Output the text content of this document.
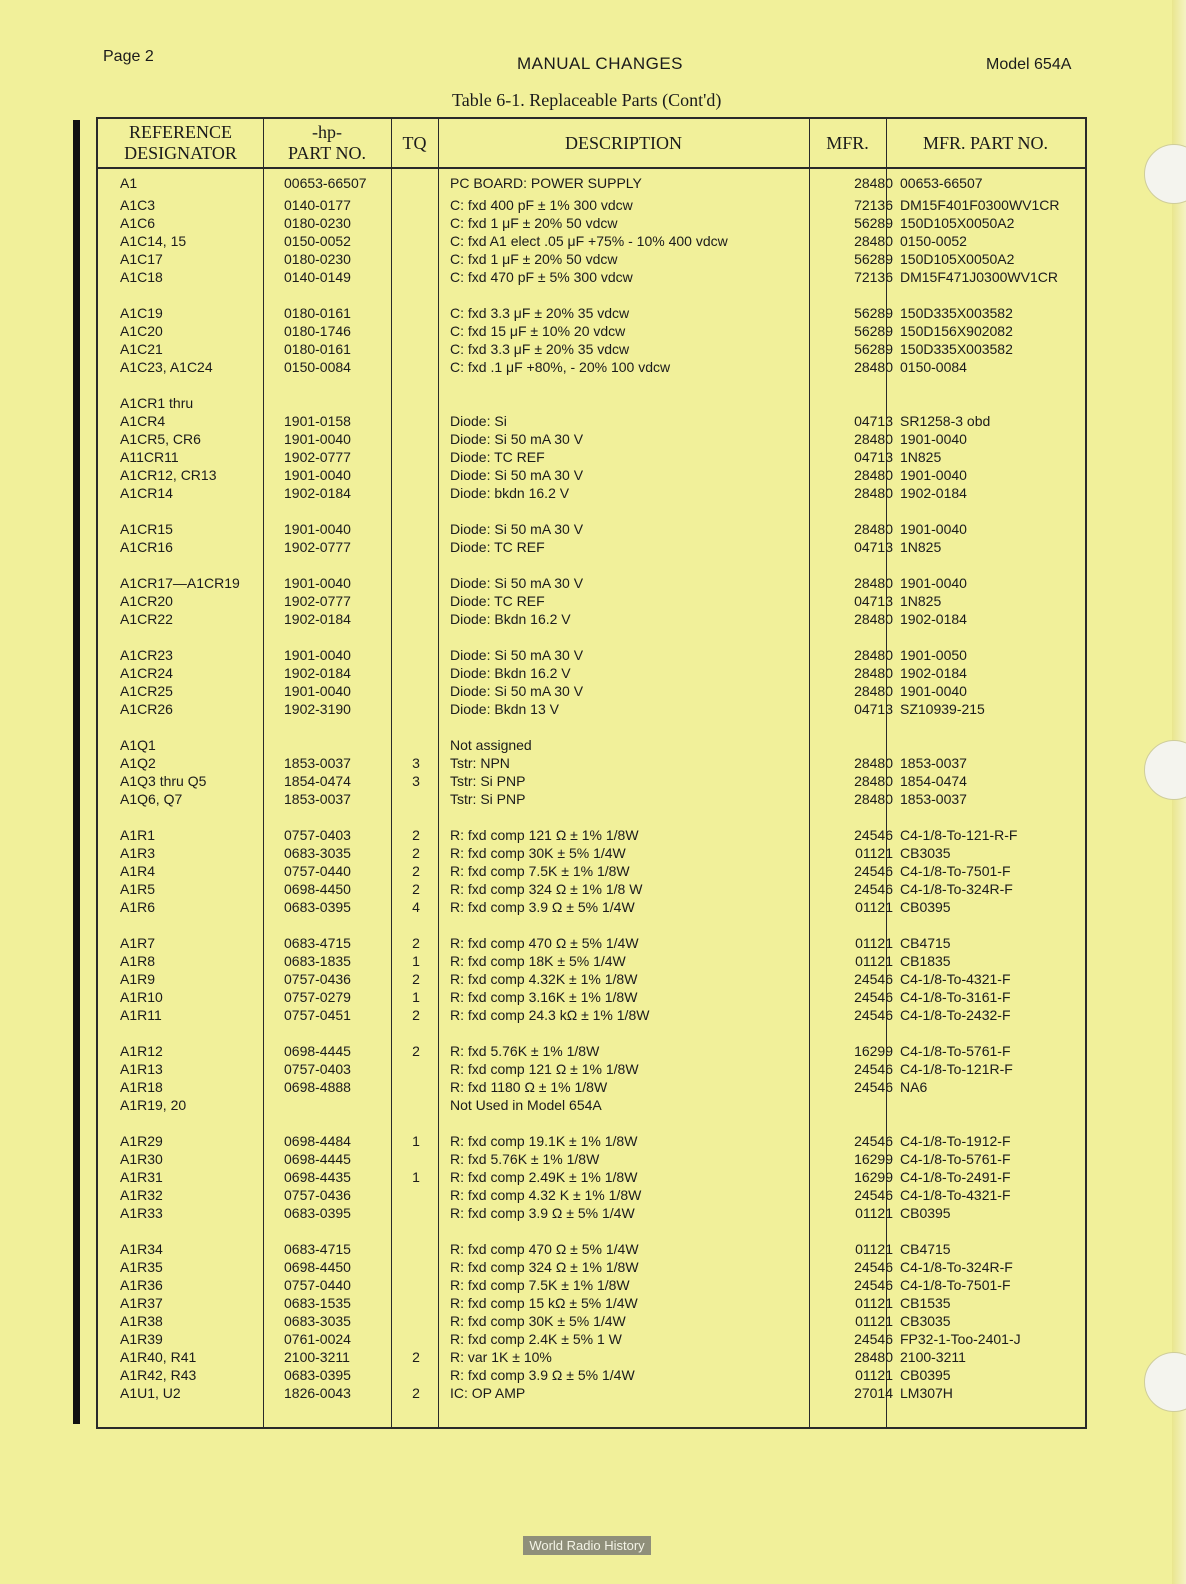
Page 2	MANUAL CHANGES	Model 654A
Table 6-1. Replaceable Parts (Cont'd)
REFERENCE
DESIGNATOR
-hp-
PART NO.
TQ	DESCRIPTION	MFR.	MFR. PART NO.
A1	00653-66507	PC BOARD: POWER SUPPLY	28480 00653-66507
A1C3	0140-0177	C: fxd 400 pF ± 1% 300 vdcw	72136 DM15F401F0300WV1CR
A1C6	0180-0230	C: fxd 1 μF ± 20% 50 vdcw	56289 150D105X0050A2
A1C14, 15	0150-0052	C: fxd A1 elect .05 μF +75% - 10% 400 vdcw	28480 0150-0052
A1C17	0180-0230	C: fxd 1 μF ± 20% 50 vdcw	56289 150D105X0050A2
A1C18	0140-0149	C: fxd 470 pF ± 5% 300 vdcw	72136 DM15F471J0300WV1CR
A1C19	0180-0161	C: fxd 3.3 μF ± 20% 35 vdcw	56289 150D335X003582
A1C20	0180-1746	C: fxd 15 μF ± 10% 20 vdcw	56289 150D156X902082
A1C21	0180-0161	C: fxd 3.3 μF ± 20% 35 vdcw	56289 150D335X003582
A1C23, A1C24	0150-0084	C: fxd .1 μF +80%, - 20% 100 vdcw	28480 0150-0084
A1CR1 thru
A1CR4	1901-0158	Diode: Si	04713 SR1258-3 obd
A1CR5, CR6	1901-0040	Diode: Si 50 mA 30 V	28480 1901-0040
A11CR11	1902-0777	Diode: TC REF	04713 1N825
A1CR12, CR13	1901-0040	Diode: Si 50 mA 30 V	28480 1901-0040
A1CR14	1902-0184	Diode: bkdn 16.2 V	28480 1902-0184
A1CR15	1901-0040	Diode: Si 50 mA 30 V	28480 1901-0040
A1CR16	1902-0777	Diode: TC REF	04713 1N825
A1CR17—A1CR19	1901-0040	Diode: Si 50 mA 30 V	28480 1901-0040
A1CR20	1902-0777	Diode: TC REF	04713 1N825
A1CR22	1902-0184	Diode: Bkdn 16.2 V	28480 1902-0184
A1CR23	1901-0040	Diode: Si 50 mA 30 V	28480 1901-0050
A1CR24	1902-0184	Diode: Bkdn 16.2 V	28480 1902-0184
A1CR25	1901-0040	Diode: Si 50 mA 30 V	28480 1901-0040
A1CR26	1902-3190	Diode: Bkdn 13 V	04713 SZ10939-215
A1Q1	Not assigned
A1Q2	1853-0037	3	Tstr: NPN	28480 1853-0037
A1Q3 thru Q5	1854-0474	3	Tstr: Si PNP	28480 1854-0474
A1Q6, Q7	1853-0037	Tstr: Si PNP	28480 1853-0037
A1R1	0757-0403	2	R: fxd comp 121 Ω ± 1% 1/8W	24546 C4-1/8-To-121-R-F
A1R3	0683-3035	2	R: fxd comp 30K ± 5% 1/4W	01121 CB3035
A1R4	0757-0440	2	R: fxd comp 7.5K ± 1% 1/8W	24546 C4-1/8-To-7501-F
A1R5	0698-4450	2	R: fxd comp 324 Ω ± 1% 1/8 W	24546 C4-1/8-To-324R-F
A1R6	0683-0395	4	R: fxd comp 3.9 Ω ± 5% 1/4W	01121 CB0395
A1R7	0683-4715	2	R: fxd comp 470 Ω ± 5% 1/4W	01121 CB4715
A1R8	0683-1835	1	R: fxd comp 18K ± 5% 1/4W	01121 CB1835
A1R9	0757-0436	2	R: fxd comp 4.32K ± 1% 1/8W	24546 C4-1/8-To-4321-F
A1R10	0757-0279	1	R: fxd comp 3.16K ± 1% 1/8W	24546 C4-1/8-To-3161-F
A1R11	0757-0451	2	R: fxd comp 24.3 kΩ ± 1% 1/8W	24546 C4-1/8-To-2432-F
A1R12	0698-4445	2	R: fxd 5.76K ± 1% 1/8W	16299 C4-1/8-To-5761-F
A1R13	0757-0403	R: fxd comp 121 Ω ± 1% 1/8W	24546 C4-1/8-To-121R-F
A1R18	0698-4888	R: fxd 1180 Ω ± 1% 1/8W	24546 NA6
A1R19, 20	Not Used in Model 654A
A1R29	0698-4484	1	R: fxd comp 19.1K ± 1% 1/8W	24546 C4-1/8-To-1912-F
A1R30	0698-4445	R: fxd 5.76K ± 1% 1/8W	16299 C4-1/8-To-5761-F
A1R31	0698-4435	1	R: fxd comp 2.49K ± 1% 1/8W	16299 C4-1/8-To-2491-F
A1R32	0757-0436	R: fxd comp 4.32 K ± 1% 1/8W	24546 C4-1/8-To-4321-F
A1R33	0683-0395	R: fxd comp 3.9 Ω ± 5% 1/4W	01121 CB0395
A1R34	0683-4715	R: fxd comp 470 Ω ± 5% 1/4W	01121 CB4715
A1R35	0698-4450	R: fxd comp 324 Ω ± 1% 1/8W	24546 C4-1/8-To-324R-F
A1R36	0757-0440	R: fxd comp 7.5K ± 1% 1/8W	24546 C4-1/8-To-7501-F
A1R37	0683-1535	R: fxd comp 15 kΩ ± 5% 1/4W	01121 CB1535
A1R38	0683-3035	R: fxd comp 30K ± 5% 1/4W	01121 CB3035
A1R39	0761-0024	R: fxd comp 2.4K ± 5% 1 W	24546 FP32-1-Too-2401-J
A1R40, R41	2100-3211	2	R: var 1K ± 10%	28480 2100-3211
A1R42, R43	0683-0395	R: fxd comp 3.9 Ω ± 5% 1/4W	01121 CB0395
A1U1, U2	1826-0043	2	IC: OP AMP	27014 LM307H
World Radio History
